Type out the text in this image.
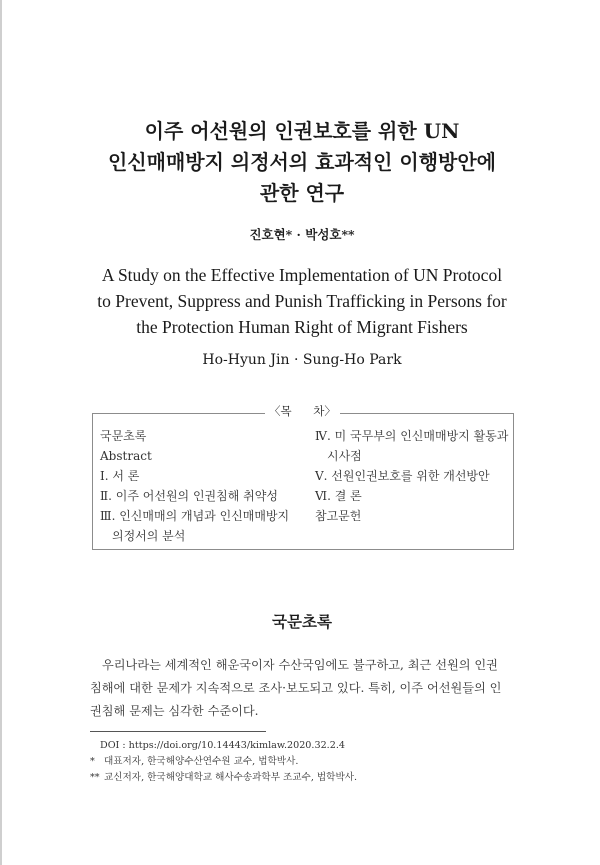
이주 어선원의 인권보호를 위한 UN
인신매매방지 의정서의 효과적인 이행방안에
관한 연구
진호현* · 박성호**
A Study on the Effective Implementation of UN Protocol
to Prevent, Suppress and Punish Trafficking in Persons for
the Protection Human Right of Migrant Fishers
Ho-Hyun Jin · Sung-Ho Park
〈목 차〉
국문초록
Abstract
Ⅰ. 서 론
Ⅱ. 이주 어선원의 인권침해 취약성
Ⅲ. 인신매매의 개념과 인신매매방지
의정서의 분석
Ⅳ. 미 국무부의 인신매매방지 활동과
시사점
Ⅴ. 선원인권보호를 위한 개선방안
Ⅵ. 결 론
참고문헌
국문초록
우리나라는 세계적인 해운국이자 수산국임에도 불구하고, 최근 선원의 인권
침해에 대한 문제가 지속적으로 조사·보도되고 있다. 특히, 이주 어선원들의 인
권침해 문제는 심각한 수준이다.
DOI : https://doi.org/10.14443/kimlaw.2020.32.2.4
* 대표저자, 한국해양수산연수원 교수, 법학박사.
** 교신저자, 한국해양대학교 해사수송과학부 조교수, 법학박사.
